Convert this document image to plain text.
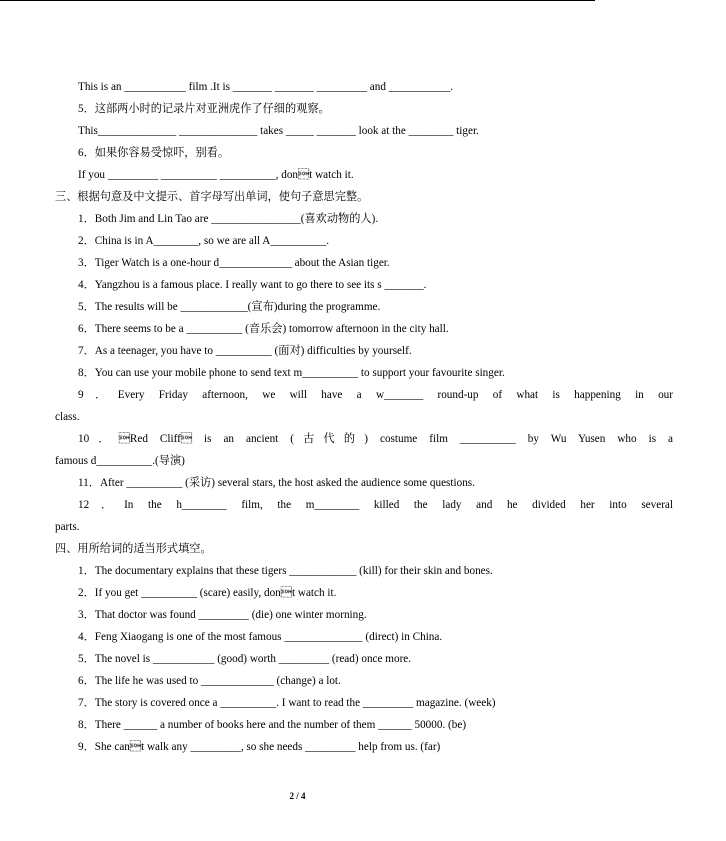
This is an ___________ film .It is _______ _______ _________ and ___________.
5．这部两小时的记录片对亚洲虎作了仔细的观察。
This______________ ______________ takes _____ _______ look at the ________ tiger.
6．如果你容易受惊吓，别看。
If you _________ __________ __________, dont watch it.
三、根据句意及中文提示、首字母写出单词，使句子意思完整。
1．Both Jim and Lin Tao are ________________(喜欢动物的人).
2．China is in A________, so we are all A__________.
3．Tiger Watch is a one-hour d_____________ about the Asian tiger.
4．Yangzhou is a famous place. I really want to go there to see its s _______.
5．The results will be ____________(宣布)during the programme.
6．There seems to be a __________ (音乐会) tomorrow afternoon in the city hall.
7．As a teenager, you have to __________ (面对) difficulties by yourself.
8．You can use your mobile phone to send text m__________ to support your favourite singer.
9．Every Friday afternoon, we will have a w_______ round-up of what is happening in our
class.
10．Red Cliff is an ancient (古代的) costume film __________ by Wu Yusen who is a
famous d__________.(导演)
11．After __________ (采访) several stars, the host asked the audience some questions.
12．In the h________ film, the m________ killed the lady and he divided her into several
parts.
四、用所给词的适当形式填空。
1．The documentary explains that these tigers ____________ (kill) for their skin and bones.
2．If you get __________ (scare) easily, dont watch it.
3．That doctor was found _________ (die) one winter morning.
4．Feng Xiaogang is one of the most famous ______________ (direct) in China.
5．The novel is ___________ (good) worth _________ (read) once more.
6．The life he was used to _____________ (change) a lot.
7．The story is covered once a __________. I want to read the _________ magazine. (week)
8．There ______ a number of books here and the number of them ______ 50000. (be)
9．She cant walk any _________, so she needs _________ help from us. (far)
2 / 4
